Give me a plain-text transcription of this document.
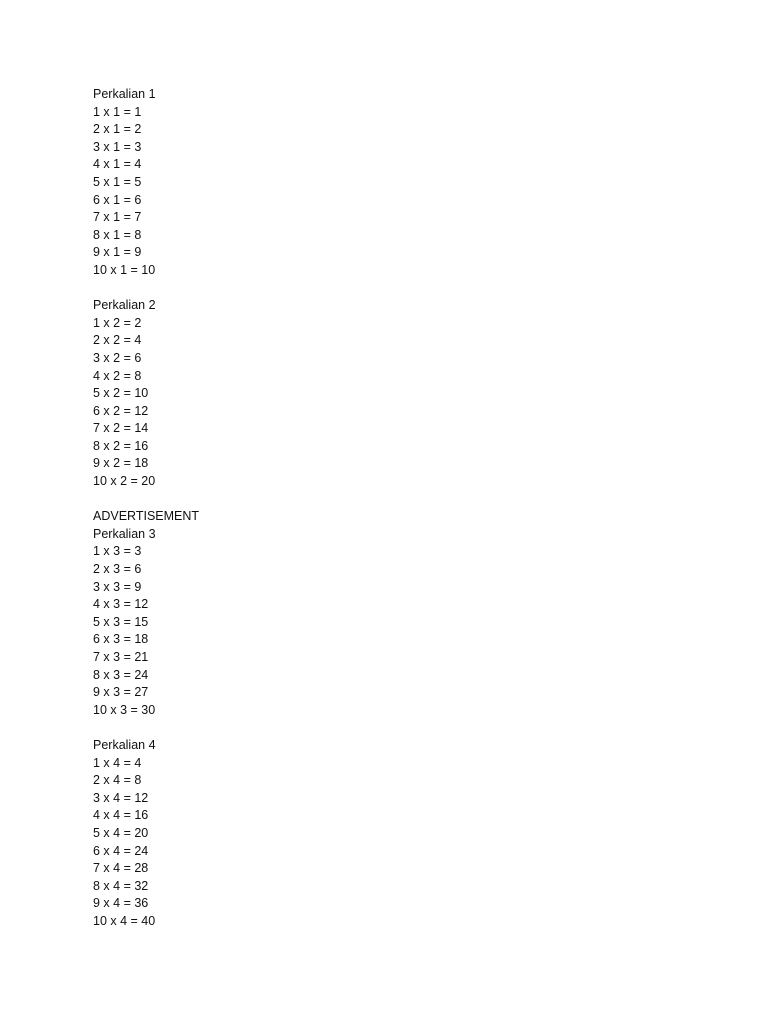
Perkalian 1
1 x 1 = 1
2 x 1 = 2
3 x 1 = 3
4 x 1 = 4
5 x 1 = 5
6 x 1 = 6
7 x 1 = 7
8 x 1 = 8
9 x 1 = 9
10 x 1 = 10
Perkalian 2
1 x 2 = 2
2 x 2 = 4
3 x 2 = 6
4 x 2 = 8
5 x 2 = 10
6 x 2 = 12
7 x 2 = 14
8 x 2 = 16
9 x 2 = 18
10 x 2 = 20
ADVERTISEMENT
Perkalian 3
1 x 3 = 3
2 x 3 = 6
3 x 3 = 9
4 x 3 = 12
5 x 3 = 15
6 x 3 = 18
7 x 3 = 21
8 x 3 = 24
9 x 3 = 27
10 x 3 = 30
Perkalian 4
1 x 4 = 4
2 x 4 = 8
3 x 4 = 12
4 x 4 = 16
5 x 4 = 20
6 x 4 = 24
7 x 4 = 28
8 x 4 = 32
9 x 4 = 36
10 x 4 = 40
